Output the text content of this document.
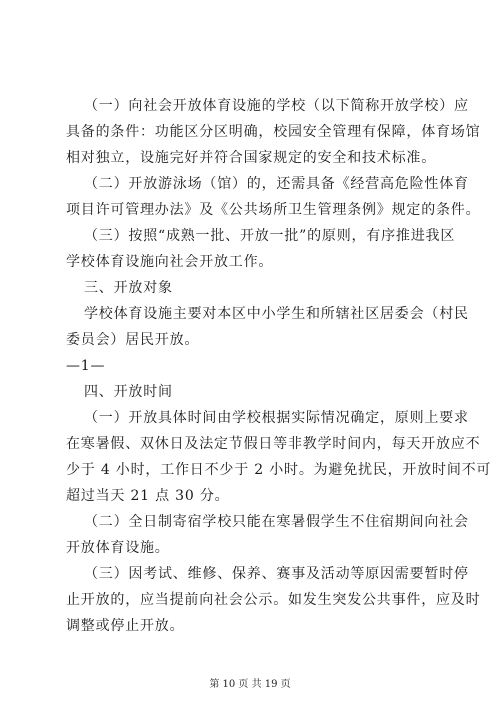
（一）向社会开放体育设施的学校（以下简称开放学校）应
具备的条件：功能区分区明确，校园安全管理有保障，体育场馆
相对独立，设施完好并符合国家规定的安全和技术标准。
（二）开放游泳场（馆）的，还需具备《经营高危险性体育
项目许可管理办法》及《公共场所卫生管理条例》规定的条件。
（三）按照“成熟一批、开放一批”的原则，有序推进我区
学校体育设施向社会开放工作。
三、开放对象
学校体育设施主要对本区中小学生和所辖社区居委会（村民
委员会）居民开放。
—1—
四、开放时间
（一）开放具体时间由学校根据实际情况确定，原则上要求
在寒暑假、双休日及法定节假日等非教学时间内，每天开放应不
少于 4 小时，工作日不少于 2 小时。为避免扰民，开放时间不可
超过当天 21 点 30 分。
（二）全日制寄宿学校只能在寒暑假学生不住宿期间向社会
开放体育设施。
（三）因考试、维修、保养、赛事及活动等原因需要暂时停
止开放的，应当提前向社会公示。如发生突发公共事件，应及时
调整或停止开放。
第 10 页 共 19 页
